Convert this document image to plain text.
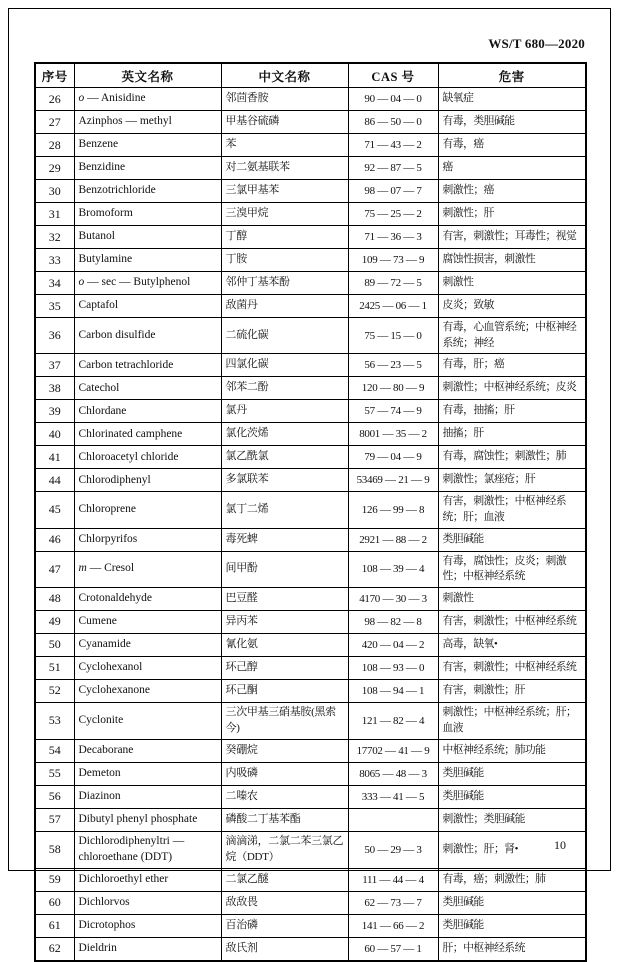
WS/T 680—2020
序号	英文名称	中文名称	CAS 号	危害
26	o — Anisidine	邻茴香胺	90 — 04 — 0	缺氧症
27	Azinphos — methyl	甲基谷硫磷	86 — 50 — 0	有毒，类胆碱能
28	Benzene	苯	71 — 43 — 2	有毒，癌
29	Benzidine	对二氨基联苯	92 — 87 — 5	癌
30	Benzotrichloride	三氯甲基苯	98 — 07 — 7	刺激性；癌
31	Bromoform	三溴甲烷	75 — 25 — 2	刺激性；肝
32	Butanol	丁醇	71 — 36 — 3	有害，刺激性；耳毒性；视觉
33	Butylamine	丁胺	109 — 73 — 9	腐蚀性损害，刺激性
34	o — sec — Butylphenol	邻仲丁基苯酚	89 — 72 — 5	刺激性
35	Captafol	敌菌丹	2425 — 06 — 1	皮炎；致敏
36	Carbon disulfide	二硫化碳	75 — 15 — 0	有毒，心血管系统；中枢神经系统；神经
37	Carbon tetrachloride	四氯化碳	56 — 23 — 5	有毒，肝；癌
38	Catechol	邻苯二酚	120 — 80 — 9	刺激性；中枢神经系统；皮炎
39	Chlordane	氯丹	57 — 74 — 9	有毒，抽搐；肝
40	Chlorinated camphene	氯化茨烯	8001 — 35 — 2	抽搐；肝
41	Chloroacetyl chloride	氯乙酰氯	79 — 04 — 9	有毒，腐蚀性；刺激性；肺
44	Chlorodiphenyl	多氯联苯	53469 — 21 — 9	刺激性；氯痤疮；肝
45	Chloroprene	氯丁二烯	126 — 99 — 8	有害，刺激性；中枢神经系统；肝；血液
46	Chlorpyrifos	毒死蜱	2921 — 88 — 2	类胆碱能
47	m — Cresol	间甲酚	108 — 39 — 4	有毒，腐蚀性；皮炎；刺激性；中枢神经系统
48	Crotonaldehyde	巴豆醛	4170 — 30 — 3	刺激性
49	Cumene	异丙苯	98 — 82 — 8	有害，刺激性；中枢神经系统
50	Cyanamide	氰化氨	420 — 04 — 2	高毒，缺氧•
51	Cyclohexanol	环己醇	108 — 93 — 0	有害，刺激性；中枢神经系统
52	Cyclohexanone	环己酮	108 — 94 — 1	有害，刺激性；肝
53	Cyclonite	三次甲基三硝基胺(黑索今)	121 — 82 — 4	刺激性；中枢神经系统；肝；血液
54	Decaborane	癸硼烷	17702 — 41 — 9	中枢神经系统；肺功能
55	Demeton	内吸磷	8065 — 48 — 3	类胆碱能
56	Diazinon	二嗪农	333 — 41 — 5	类胆碱能
57	Dibutyl phenyl phosphate	磷酸二丁基苯酯		刺激性；类胆碱能
58	Dichlorodiphenyltri — chloroethane (DDT)	滴滴涕，二氯二苯三氯乙烷（DDT）	50 — 29 — 3	刺激性；肝；肾•
59	Dichloroethyl ether	二氯乙醚	111 — 44 — 4	有毒，癌；刺激性；肺
60	Dichlorvos	敌敌畏	62 — 73 — 7	类胆碱能
61	Dicrotophos	百治磷	141 — 66 — 2	类胆碱能
62	Dieldrin	敌氏剂	60 — 57 — 1	肝；中枢神经系统
10
